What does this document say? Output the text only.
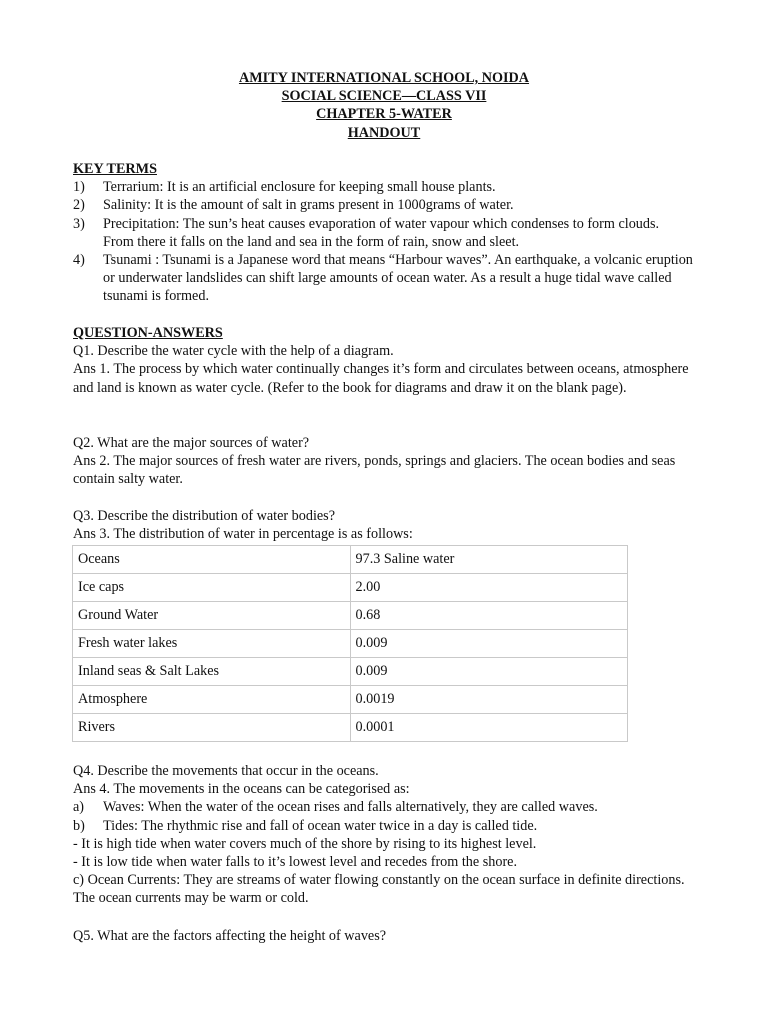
AMITY INTERNATIONAL SCHOOL, NOIDA
SOCIAL SCIENCE—CLASS VII
CHAPTER 5-WATER
HANDOUT
KEY TERMS
1)	Terrarium: It is an artificial enclosure for keeping small house plants.
2)	Salinity: It is the amount of salt in grams present in 1000grams of water.
3)	Precipitation: The sun’s heat causes evaporation of water vapour which condenses to form clouds. From there it falls on the land and sea in the form of rain, snow and sleet.
4)	Tsunami : Tsunami is a Japanese word that means “Harbour waves”. An earthquake, a volcanic eruption or underwater landslides can shift large amounts of ocean water. As a result a huge tidal wave called tsunami is formed.
QUESTION-ANSWERS

Q1. Describe the water cycle with the help of a diagram.

Ans 1. The process by which water continually changes it’s form and circulates between oceans, atmosphere and land is known as water cycle. (Refer to the book for diagrams and draw it on the blank page).

Q2. What are the major sources of water?

Ans 2. The major sources of fresh water are rivers, ponds, springs and glaciers. The ocean bodies and seas contain salty water.

Q3. Describe the distribution of water bodies?

Ans 3. The distribution of water in percentage is as follows:

Oceans	97.3 Saline water
Ice caps	2.00
Ground Water	0.68
Fresh water lakes	0.009
Inland seas & Salt Lakes	0.009
Atmosphere	0.0019
Rivers	0.0001

Q4. Describe the movements that occur in the oceans.

Ans 4. The movements in the oceans can be categorised as:

a)	Waves: When the water of the ocean rises and falls alternatively, they are called waves.
b)	Tides: The rhythmic rise and fall of ocean water twice in a day is called tide.

- It is high tide when water covers much of the shore by rising to its highest level.

- It is low tide when water falls to it’s lowest level and recedes from the shore.

c) Ocean Currents: They are streams of water flowing constantly on the ocean surface in definite directions. The ocean currents may be warm or cold.

Q5. What are the factors affecting the height of waves?
